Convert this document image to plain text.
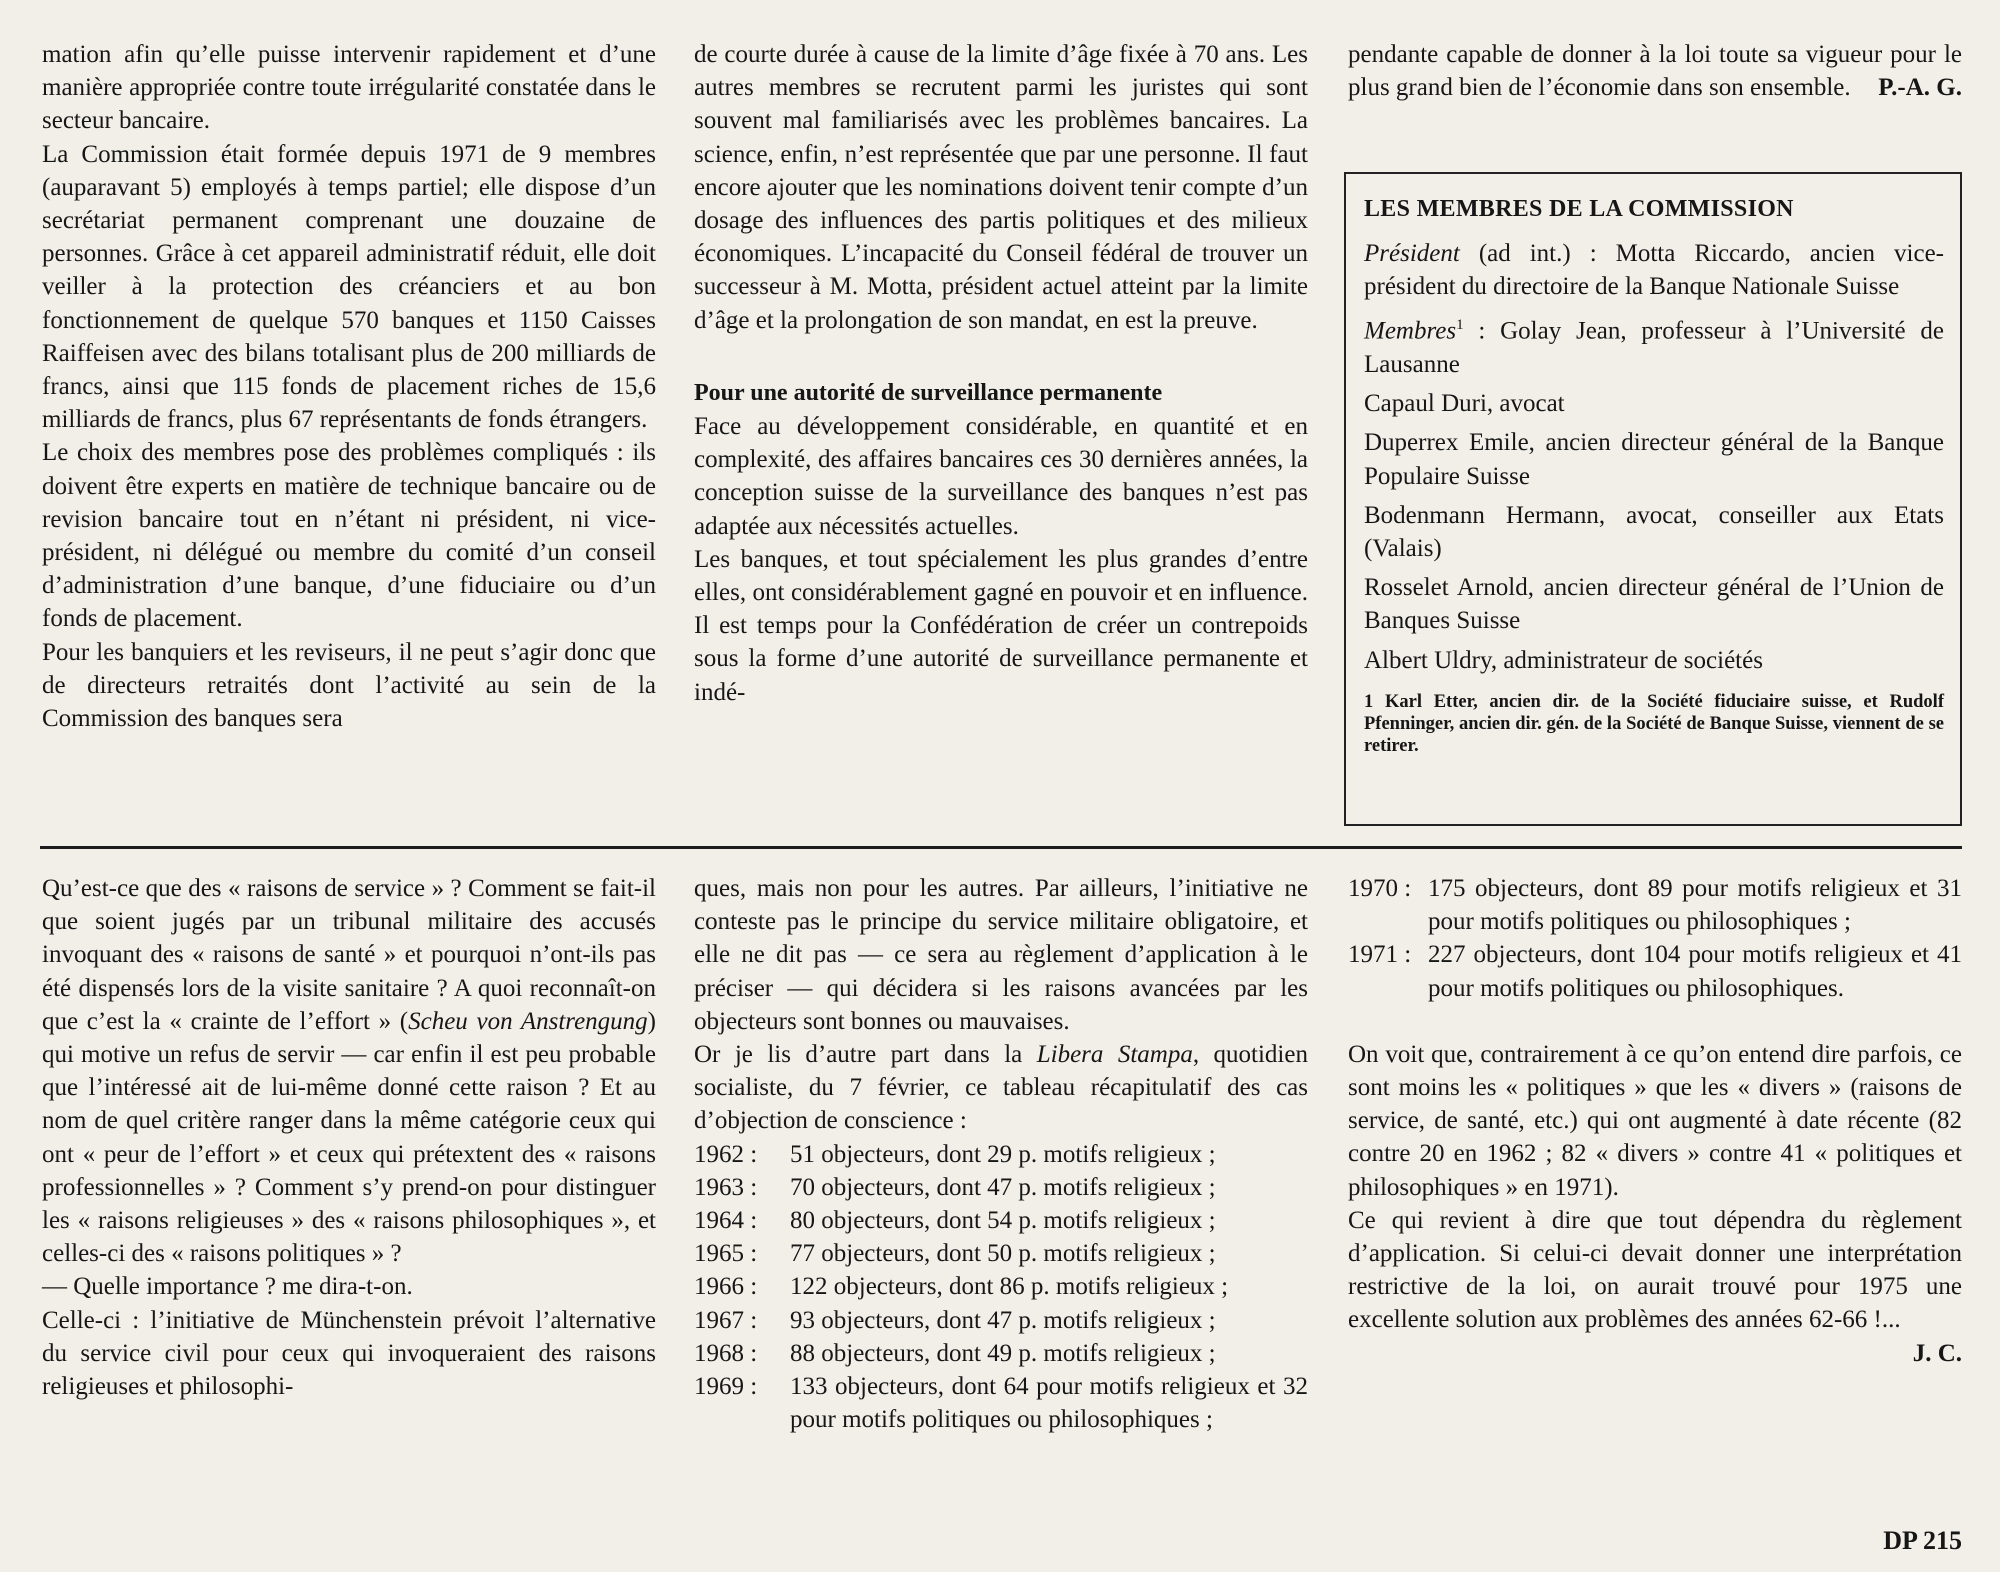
mation afin qu’elle puisse intervenir rapidement et d’une manière appropriée contre toute irrégularité constatée dans le secteur bancaire.

La Commission était formée depuis 1971 de 9 membres (auparavant 5) employés à temps partiel; elle dispose d’un secrétariat permanent comprenant une douzaine de personnes. Grâce à cet appareil administratif réduit, elle doit veiller à la protection des créanciers et au bon fonctionnement de quelque 570 banques et 1150 Caisses Raiffeisen avec des bilans totalisant plus de 200 milliards de francs, ainsi que 115 fonds de placement riches de 15,6 milliards de francs, plus 67 représentants de fonds étrangers.

Le choix des membres pose des problèmes compliqués : ils doivent être experts en matière de technique bancaire ou de revision bancaire tout en n’étant ni président, ni vice-président, ni délégué ou membre du comité d’un conseil d’administration d’une banque, d’une fiduciaire ou d’un fonds de placement.

Pour les banquiers et les reviseurs, il ne peut s’agir donc que de directeurs retraités dont l’activité au sein de la Commission des banques sera

de courte durée à cause de la limite d’âge fixée à 70 ans. Les autres membres se recrutent parmi les juristes qui sont souvent mal familiarisés avec les problèmes bancaires. La science, enfin, n’est représentée que par une personne. Il faut encore ajouter que les nominations doivent tenir compte d’un dosage des influences des partis politiques et des milieux économiques. L’incapacité du Conseil fédéral de trouver un successeur à M. Motta, président actuel atteint par la limite d’âge et la prolongation de son mandat, en est la preuve.

Pour une autorité de surveillance permanente

Face au développement considérable, en quantité et en complexité, des affaires bancaires ces 30 dernières années, la conception suisse de la surveillance des banques n’est pas adaptée aux nécessités actuelles.

Les banques, et tout spécialement les plus grandes d’entre elles, ont considérablement gagné en pouvoir et en influence. Il est temps pour la Confédération de créer un contrepoids sous la forme d’une autorité de surveillance permanente et indé-

pendante capable de donner à la loi toute sa vigueur pour le plus grand bien de l’économie dans son ensemble.	P.-A. G.

LES MEMBRES DE LA COMMISSION

Président (ad int.) : Motta Riccardo, ancien vice-président du directoire de la Banque Nationale Suisse

Membres$^1$ : Golay Jean, professeur à l’Université de Lausanne

Capaul Duri, avocat

Duperrex Emile, ancien directeur général de la Banque Populaire Suisse

Bodenmann Hermann, avocat, conseiller aux Etats (Valais)

Rosselet Arnold, ancien directeur général de l’Union de Banques Suisse

Albert Uldry, administrateur de sociétés

1 Karl Etter, ancien dir. de la Société fiduciaire suisse, et Rudolf Pfenninger, ancien dir. gén. de la Société de Banque Suisse, viennent de se retirer.

Qu’est-ce que des « raisons de service » ? Comment se fait-il que soient jugés par un tribunal militaire des accusés invoquant des « raisons de santé » et pourquoi n’ont-ils pas été dispensés lors de la visite sanitaire ? A quoi reconnaît-on que c’est la « crainte de l’effort » (Scheu von Anstrengung) qui motive un refus de servir — car enfin il est peu probable que l’intéressé ait de lui-même donné cette raison ? Et au nom de quel critère ranger dans la même catégorie ceux qui ont « peur de l’effort » et ceux qui prétextent des « raisons professionnelles » ? Comment s’y prend-on pour distinguer les « raisons religieuses » des « raisons philosophiques », et celles-ci des « raisons politiques » ?

— Quelle importance ? me dira-t-on.

Celle-ci : l’initiative de Münchenstein prévoit l’alternative du service civil pour ceux qui invoqueraient des raisons religieuses et philosophi-

ques, mais non pour les autres. Par ailleurs, l’initiative ne conteste pas le principe du service militaire obligatoire, et elle ne dit pas — ce sera au règlement d’application à le préciser — qui décidera si les raisons avancées par les objecteurs sont bonnes ou mauvaises.

Or je lis d’autre part dans la Libera Stampa, quotidien socialiste, du 7 février, ce tableau récapitulatif des cas d’objection de conscience :

1962 :	51 objecteurs, dont 29 p. motifs religieux ;
1963 :	70 objecteurs, dont 47 p. motifs religieux ;
1964 :	80 objecteurs, dont 54 p. motifs religieux ;
1965 :	77 objecteurs, dont 50 p. motifs religieux ;
1966 :	122 objecteurs, dont 86 p. motifs religieux ;
1967 :	93 objecteurs, dont 47 p. motifs religieux ;
1968 :	88 objecteurs, dont 49 p. motifs religieux ;
1969 :	133 objecteurs, dont 64 pour motifs religieux et 32 pour motifs politiques ou philosophiques ;
1970 : 175 objecteurs, dont 89 pour motifs religieux et 31 pour motifs politiques ou philosophiques ;
1971 : 227 objecteurs, dont 104 pour motifs religieux et 41 pour motifs politiques ou philosophiques.

On voit que, contrairement à ce qu’on entend dire parfois, ce sont moins les « politiques » que les « divers » (raisons de service, de santé, etc.) qui ont augmenté à date récente (82 contre 20 en 1962 ; 82 « divers » contre 41 « politiques et philosophiques » en 1971).

Ce qui revient à dire que tout dépendra du règlement d’application. Si celui-ci devait donner une interprétation restrictive de la loi, on aurait trouvé pour 1975 une excellente solution aux problèmes des années 62-66 !...

J. C.

DP 215
